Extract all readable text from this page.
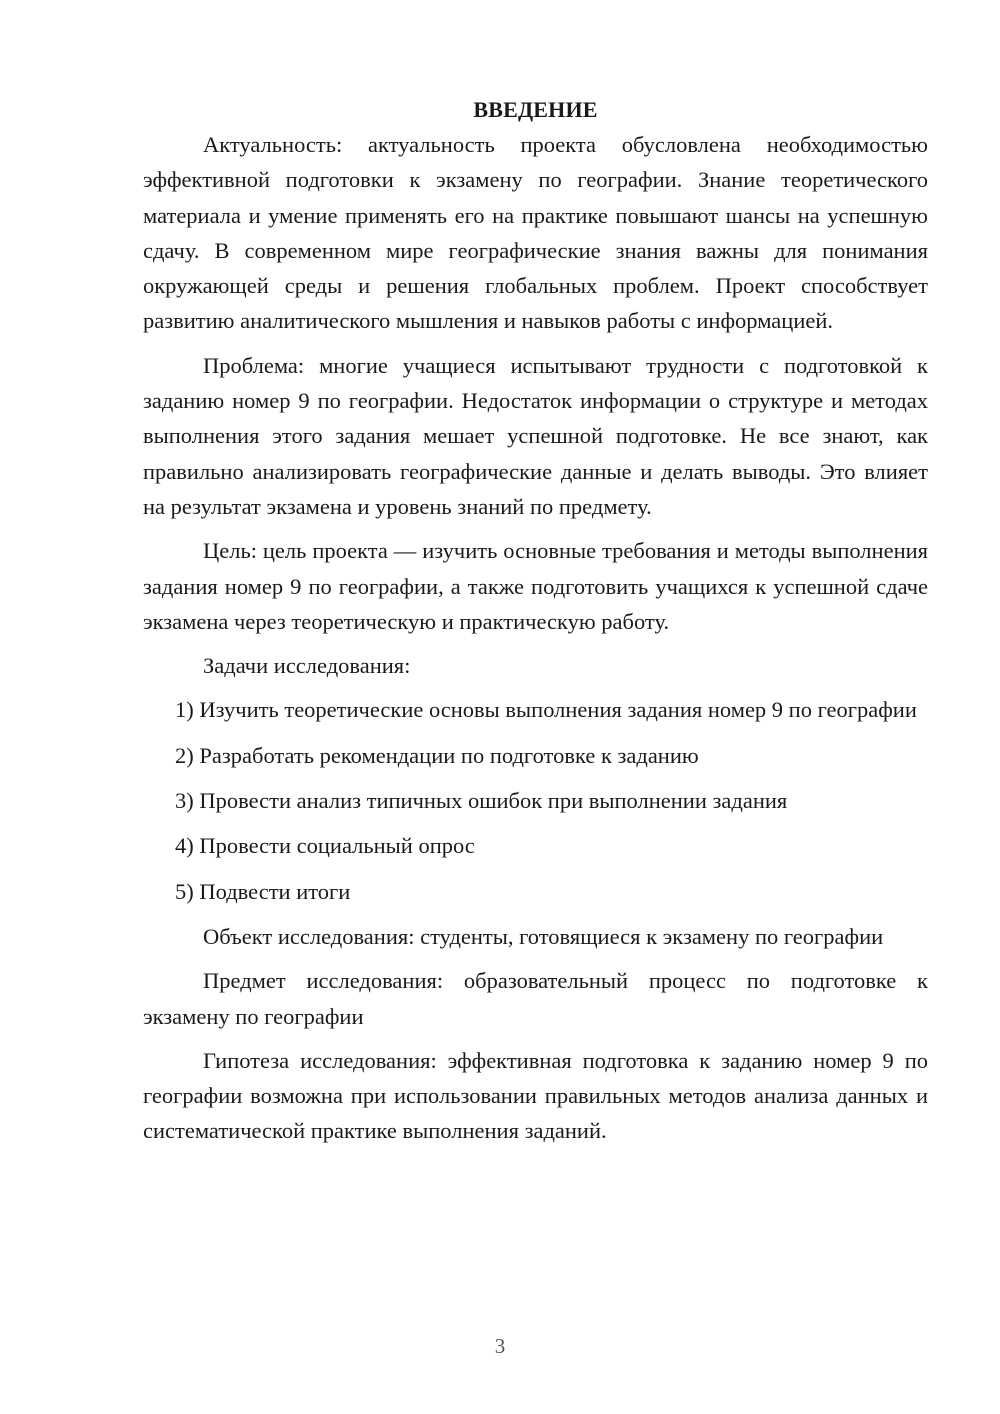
ВВЕДЕНИЕ

Актуальность: актуальность проекта обусловлена необходимостью эффективной подготовки к экзамену по географии. Знание теоретического материала и умение применять его на практике повышают шансы на успешную сдачу. В современном мире географические знания важны для понимания окружающей среды и решения глобальных проблем. Проект способствует развитию аналитического мышления и навыков работы с информацией.

Проблема: многие учащиеся испытывают трудности с подготовкой к заданию номер 9 по географии. Недостаток информации о структуре и методах выполнения этого задания мешает успешной подготовке. Не все знают, как правильно анализировать географические данные и делать выводы. Это влияет на результат экзамена и уровень знаний по предмету.

Цель: цель проекта — изучить основные требования и методы выполнения задания номер 9 по географии, а также подготовить учащихся к успешной сдаче экзамена через теоретическую и практическую работу.

Задачи исследования:

1) Изучить теоретические основы выполнения задания номер 9 по географии

2) Разработать рекомендации по подготовке к заданию

3) Провести анализ типичных ошибок при выполнении задания

4) Провести социальный опрос

5) Подвести итоги

Объект исследования: студенты, готовящиеся к экзамену по географии

Предмет исследования: образовательный процесс по подготовке к экзамену по географии

Гипотеза исследования: эффективная подготовка к заданию номер 9 по географии возможна при использовании правильных методов анализа данных и систематической практике выполнения заданий.

3
